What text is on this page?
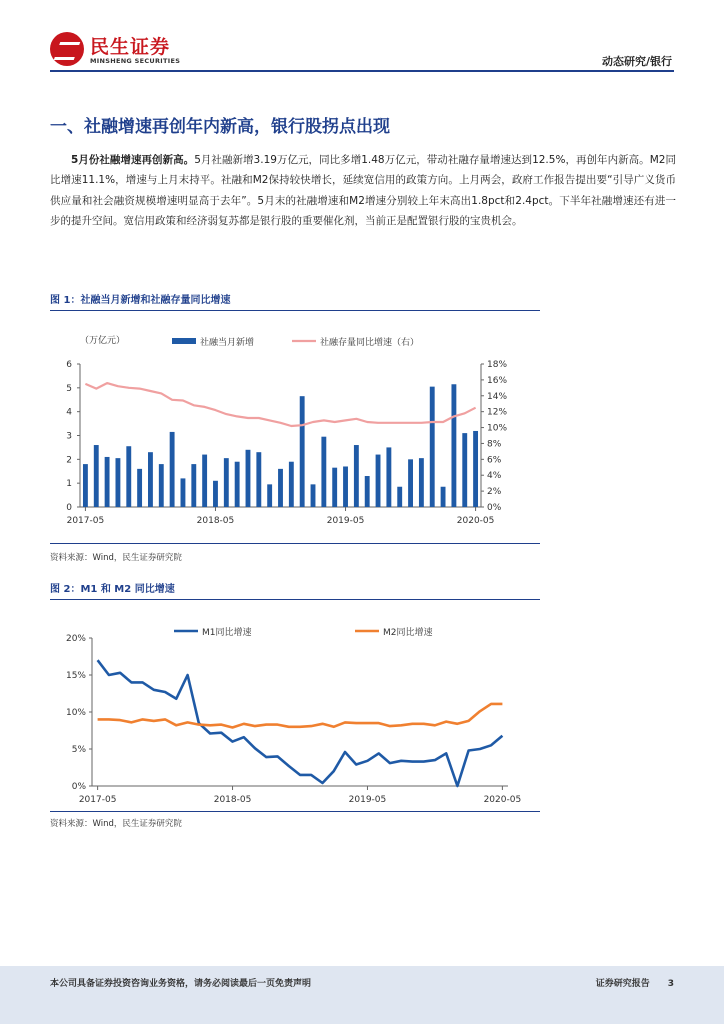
民生证券
MINSHENG SECURITIES	动态研究/银行
一、社融增速再创年内新高，银行股拐点出现
5月份社融增速再创新高。5月社融新增3.19万亿元，同比多增1.48万亿元，带动社融存量增速达到12.5%，再创年内新高。M2同比增速11.1%，增速与上月末持平。社融和M2保持较快增长，延续宽信用的政策方向。上月两会，政府工作报告提出要“引导广义货币供应量和社会融资规模增速明显高于去年”。5月末的社融增速和M2增速分别较上年末高出1.8pct和2.4pct。下半年社融增速还有进一步的提升空间。宽信用政策和经济弱复苏都是银行股的重要催化剂，当前正是配置银行股的宝贵机会。
图 1：社融当月新增和社融存量同比增速
（万亿元）	社融当月新增	社融存量同比增速（右）
0
1
2
3
4
5
6
0%
2%
4%
6%
8%
10%
12%
14%
16%
18%
2017-05	2018-05	2019-05	2020-05
资料来源：Wind，民生证券研究院
图 2：M1 和 M2 同比增速
M1同比增速	M2同比增速
0%
5%
10%
15%
20%
2017-05	2018-05	2019-05	2020-05
资料来源：Wind，民生证券研究院
本公司具备证券投资咨询业务资格，请务必阅读最后一页免责声明	证券研究报告 3
